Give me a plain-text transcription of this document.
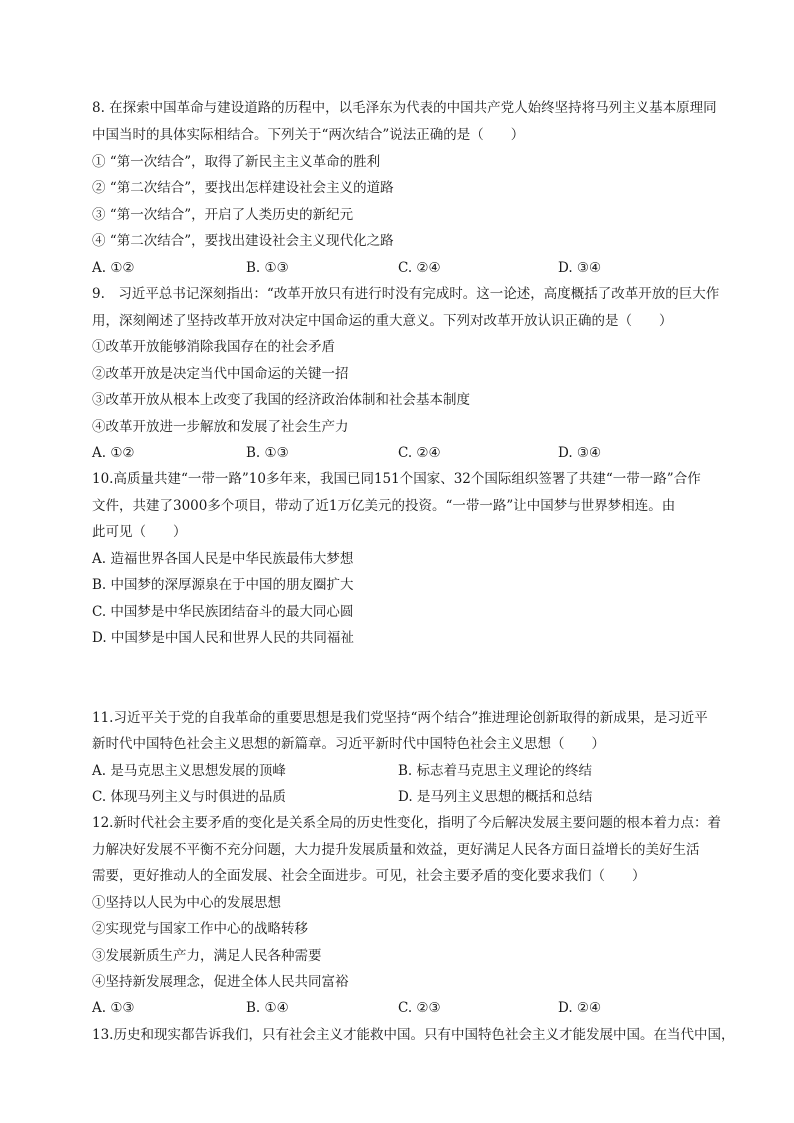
8. 在探索中国革命与建设道路的历程中，以毛泽东为代表的中国共产党人始终坚持将马列主义基本原理同
中国当时的具体实际相结合。下列关于“两次结合”说法正确的是（　　）
① “第一次结合”，取得了新民主主义革命的胜利
② “第二次结合”，要找出怎样建设社会主义的道路
③ “第一次结合”，开启了人类历史的新纪元
④ “第二次结合”，要找出建设社会主义现代化之路
A. ①②	B. ①③	C. ②④	D. ③④
9.　习近平总书记深刻指出：“改革开放只有进行时没有完成时。这一论述，高度概括了改革开放的巨大作
用，深刻阐述了坚持改革开放对决定中国命运的重大意义。下列对改革开放认识正确的是（　　）
①改革开放能够消除我国存在的社会矛盾
②改革开放是决定当代中国命运的关键一招
③改革开放从根本上改变了我国的经济政治体制和社会基本制度
④改革开放进一步解放和发展了社会生产力
A. ①②	B. ①③	C. ②④	D. ③④
10.高质量共建“一带一路”10多年来，我国已同151个国家、32个国际组织签署了共建“一带一路”合作
文件，共建了3000多个项目，带动了近1万亿美元的投资。“一带一路”让中国梦与世界梦相连。由
此可见（　　）
A. 造福世界各国人民是中华民族最伟大梦想
B. 中国梦的深厚源泉在于中国的朋友圈扩大
C. 中国梦是中华民族团结奋斗的最大同心圆
D. 中国梦是中国人民和世界人民的共同福祉
11.习近平关于党的自我革命的重要思想是我们党坚持“两个结合”推进理论创新取得的新成果，是习近平
新时代中国特色社会主义思想的新篇章。习近平新时代中国特色社会主义思想（　　）
A. 是马克思主义思想发展的顶峰	B. 标志着马克思主义理论的终结
C. 体现马列主义与时俱进的品质	D. 是马列主义思想的概括和总结
12.新时代社会主要矛盾的变化是关系全局的历史性变化，指明了今后解决发展主要问题的根本着力点：着
力解决好发展不平衡不充分问题，大力提升发展质量和效益，更好满足人民各方面日益增长的美好生活
需要，更好推动人的全面发展、社会全面进步。可见，社会主要矛盾的变化要求我们（　　）
①坚持以人民为中心的发展思想
②实现党与国家工作中心的战略转移
③发展新质生产力，满足人民各种需要
④坚持新发展理念，促进全体人民共同富裕
A. ①③	B. ①④	C. ②③	D. ②④
13.历史和现实都告诉我们，只有社会主义才能救中国。只有中国特色社会主义才能发展中国。在当代中国，
